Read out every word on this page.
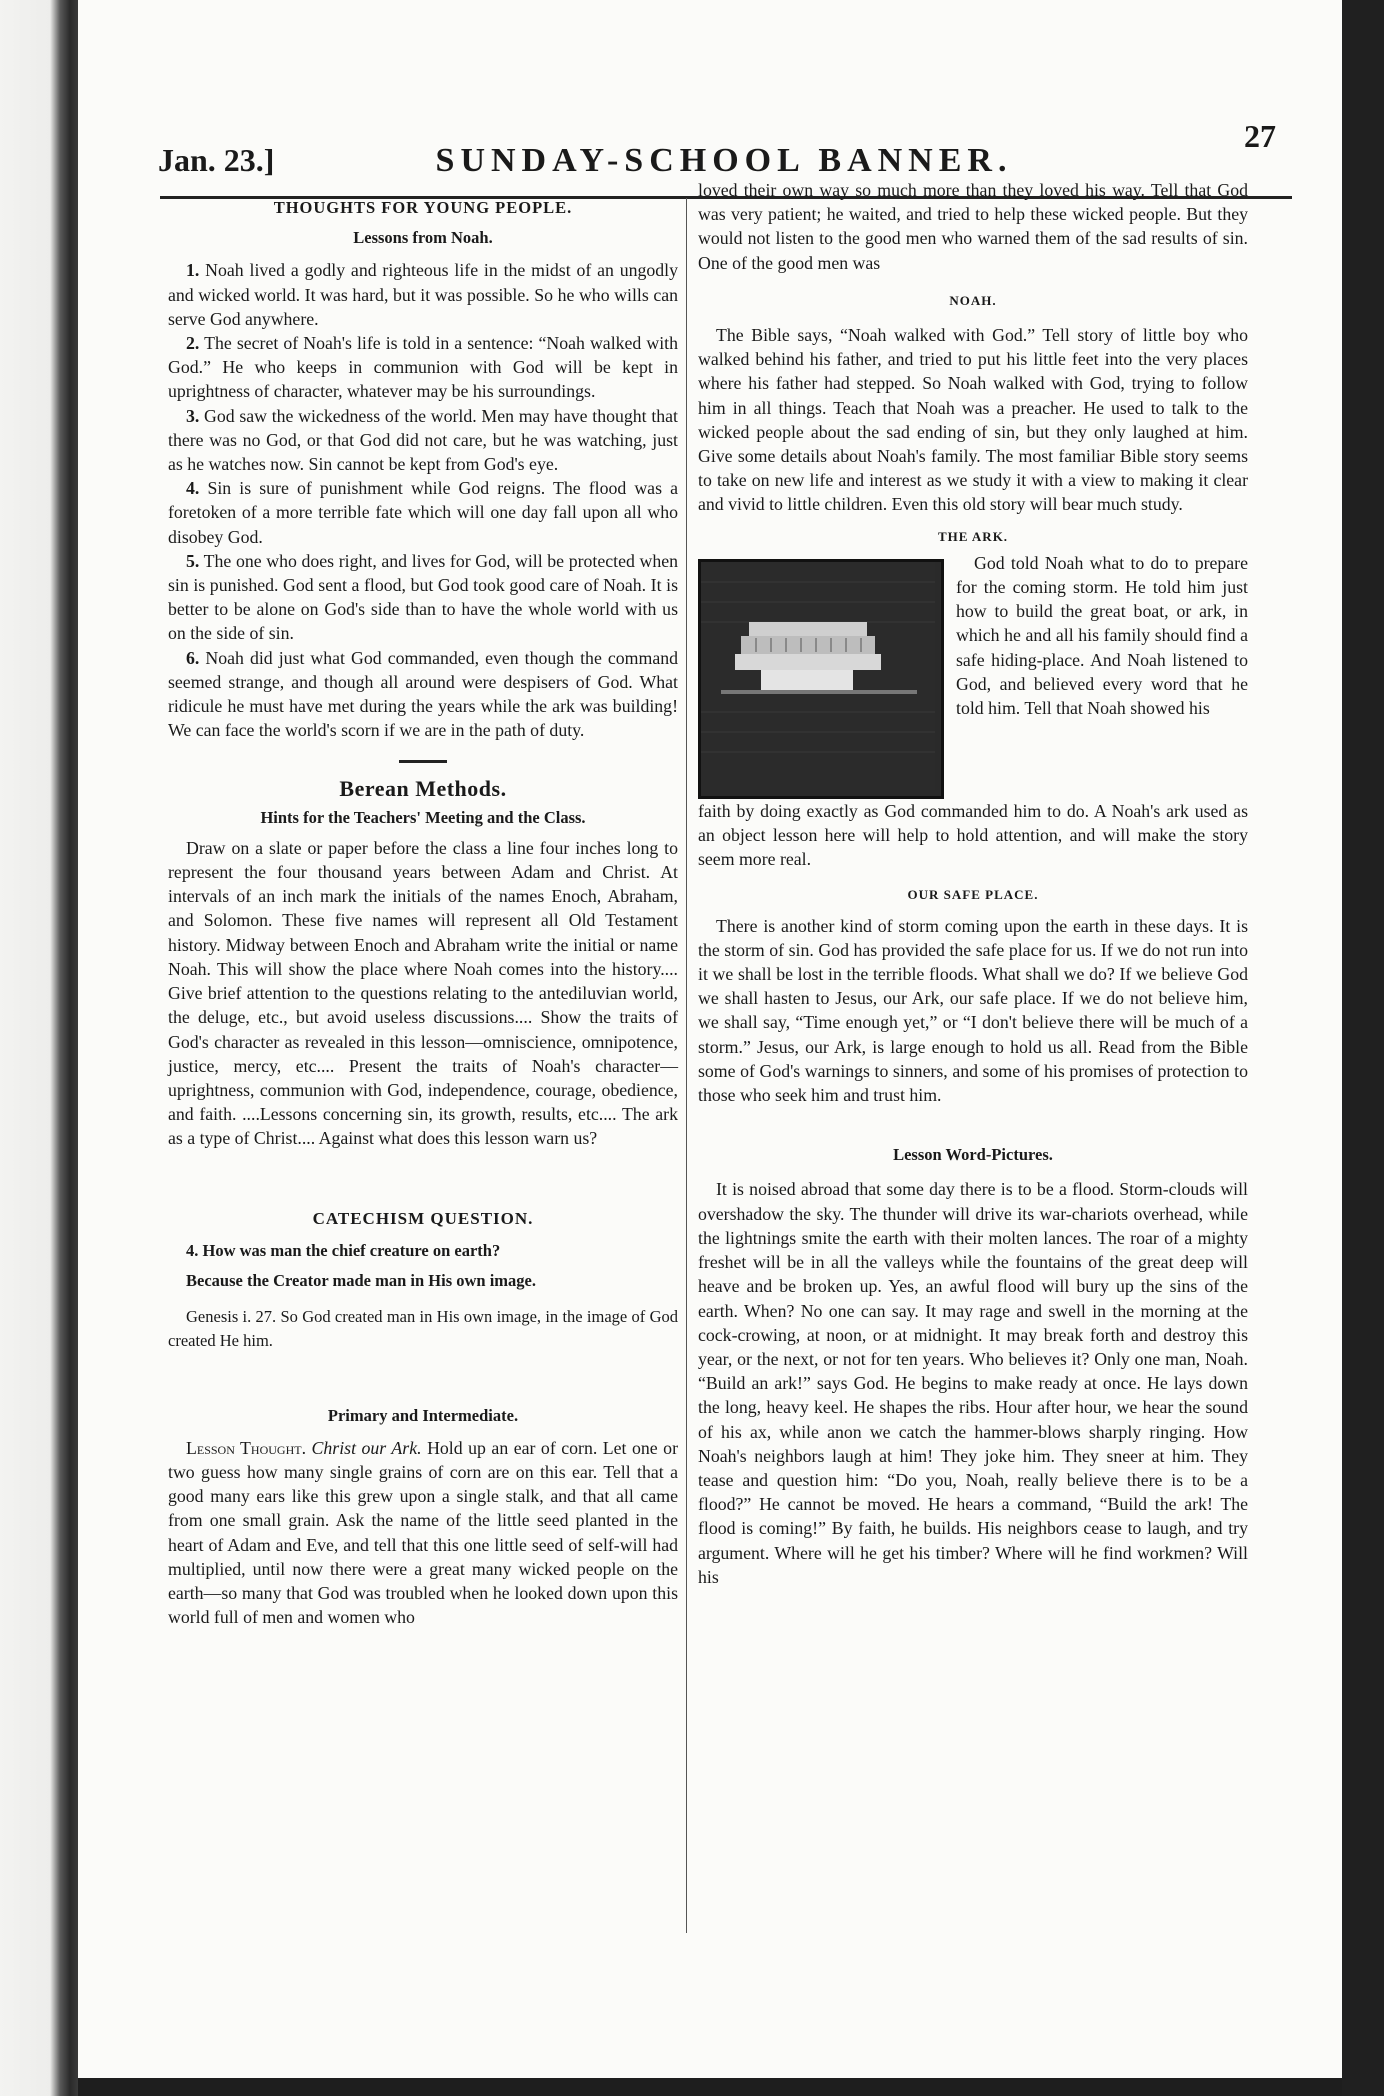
Jan. 23.]	SUNDAY-SCHOOL BANNER.
27
THOUGHTS FOR YOUNG PEOPLE.
Lessons from Noah.

1. Noah lived a godly and righteous life in the midst of an ungodly and wicked world. It was hard, but it was possible. So he who wills can serve God anywhere.

2. The secret of Noah's life is told in a sentence: “Noah walked with God.” He who keeps in communion with God will be kept in uprightness of character, whatever may be his surroundings.

3. God saw the wickedness of the world. Men may have thought that there was no God, or that God did not care, but he was watching, just as he watches now. Sin cannot be kept from God's eye.

4. Sin is sure of punishment while God reigns. The flood was a foretoken of a more terrible fate which will one day fall upon all who disobey God.

5. The one who does right, and lives for God, will be protected when sin is punished. God sent a flood, but God took good care of Noah. It is better to be alone on God's side than to have the whole world with us on the side of sin.

6. Noah did just what God commanded, even though the command seemed strange, and though all around were despisers of God. What ridicule he must have met during the years while the ark was building! We can face the world's scorn if we are in the path of duty.

Berean Methods.
Hints for the Teachers' Meeting and the Class.

Draw on a slate or paper before the class a line four inches long to represent the four thousand years between Adam and Christ. At intervals of an inch mark the initials of the names Enoch, Abraham, and Solomon. These five names will represent all Old Testament history. Midway between Enoch and Abraham write the initial or name Noah. This will show the place where Noah comes into the history.... Give brief attention to the questions relating to the antediluvian world, the deluge, etc., but avoid useless discussions.... Show the traits of God's character as revealed in this lesson—omniscience, omnipotence, justice, mercy, etc.... Present the traits of Noah's character—uprightness, communion with God, independence, courage, obedience, and faith. ....Lessons concerning sin, its growth, results, etc.... The ark as a type of Christ.... Against what does this lesson warn us?

CATECHISM QUESTION.

4. How was man the chief creature on earth?

Because the Creator made man in His own image.

Genesis i. 27. So God created man in His own image, in the image of God created He him.

Primary and Intermediate.

Lesson Thought. Christ our Ark. Hold up an ear of corn. Let one or two guess how many single grains of corn are on this ear. Tell that a good many ears like this grew upon a single stalk, and that all came from one small grain. Ask the name of the little seed planted in the heart of Adam and Eve, and tell that this one little seed of self-will had multiplied, until now there were a great many wicked people on the earth—so many that God was troubled when he looked down upon this world full of men and women who

loved their own way so much more than they loved his way. Tell that God was very patient; he waited, and tried to help these wicked people. But they would not listen to the good men who warned them of the sad results of sin. One of the good men was

NOAH.

The Bible says, “Noah walked with God.” Tell story of little boy who walked behind his father, and tried to put his little feet into the very places where his father had stepped. So Noah walked with God, trying to follow him in all things. Teach that Noah was a preacher. He used to talk to the wicked people about the sad ending of sin, but they only laughed at him. Give some details about Noah's family. The most familiar Bible story seems to take on new life and interest as we study it with a view to making it clear and vivid to little children. Even this old story will bear much study.

THE ARK.

God told Noah what to do to prepare for the coming storm. He told him just how to build the great boat, or ark, in which he and all his family should find a safe hiding-place. And Noah listened to God, and believed every word that he told him. Tell that Noah showed his

faith by doing exactly as God commanded him to do. A Noah's ark used as an object lesson here will help to hold attention, and will make the story seem more real.

OUR SAFE PLACE.

There is another kind of storm coming upon the earth in these days. It is the storm of sin. God has provided the safe place for us. If we do not run into it we shall be lost in the terrible floods. What shall we do? If we believe God we shall hasten to Jesus, our Ark, our safe place. If we do not believe him, we shall say, “Time enough yet,” or “I don't believe there will be much of a storm.” Jesus, our Ark, is large enough to hold us all. Read from the Bible some of God's warnings to sinners, and some of his promises of protection to those who seek him and trust him.

Lesson Word-Pictures.

It is noised abroad that some day there is to be a flood. Storm-clouds will overshadow the sky. The thunder will drive its war-chariots overhead, while the lightnings smite the earth with their molten lances. The roar of a mighty freshet will be in all the valleys while the fountains of the great deep will heave and be broken up. Yes, an awful flood will bury up the sins of the earth. When? No one can say. It may rage and swell in the morning at the cock-crowing, at noon, or at midnight. It may break forth and destroy this year, or the next, or not for ten years. Who believes it? Only one man, Noah. “Build an ark!” says God. He begins to make ready at once. He lays down the long, heavy keel. He shapes the ribs. Hour after hour, we hear the sound of his ax, while anon we catch the hammer-blows sharply ringing. How Noah's neighbors laugh at him! They joke him. They sneer at him. They tease and question him: “Do you, Noah, really believe there is to be a flood?” He cannot be moved. He hears a command, “Build the ark! The flood is coming!” By faith, he builds. His neighbors cease to laugh, and try argument. Where will he get his timber? Where will he find workmen? Will his
